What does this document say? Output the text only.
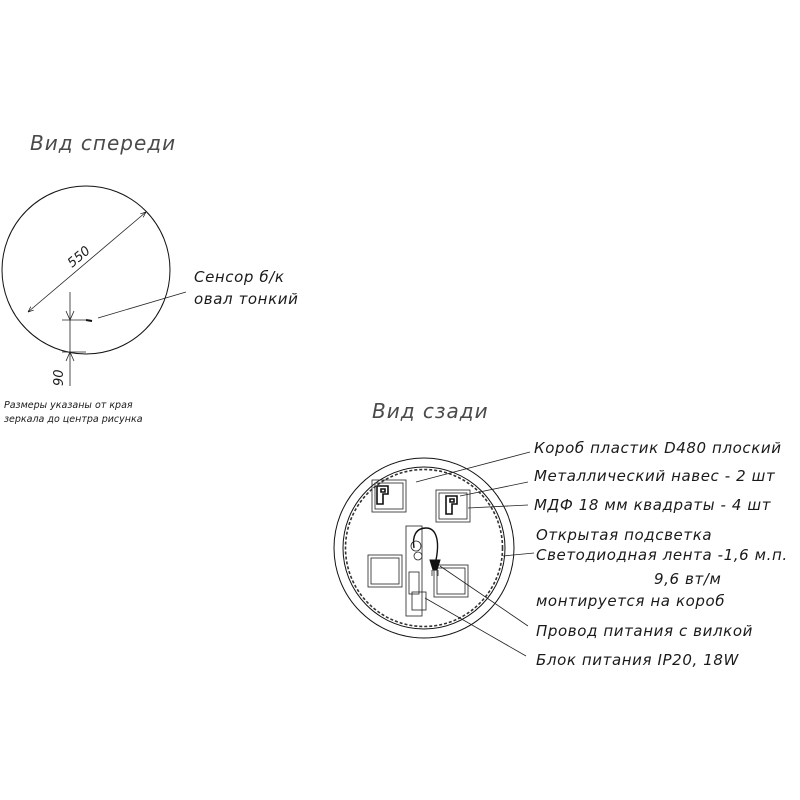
Вид спереди
550
Сенсор б/к
овал тонкий
90
Размеры указаны от края
зеркала до центра рисунка	Вид сзади
Короб пластик D480 плоский
Металлический навес - 2 шт
МДФ 18 мм квадраты - 4 шт
Открытая подсветка
Светодиодная лента -1,6 м.п.
9,6 вт/м
монтируется на короб
Провод питания с вилкой
Блок питания IP20, 18W
